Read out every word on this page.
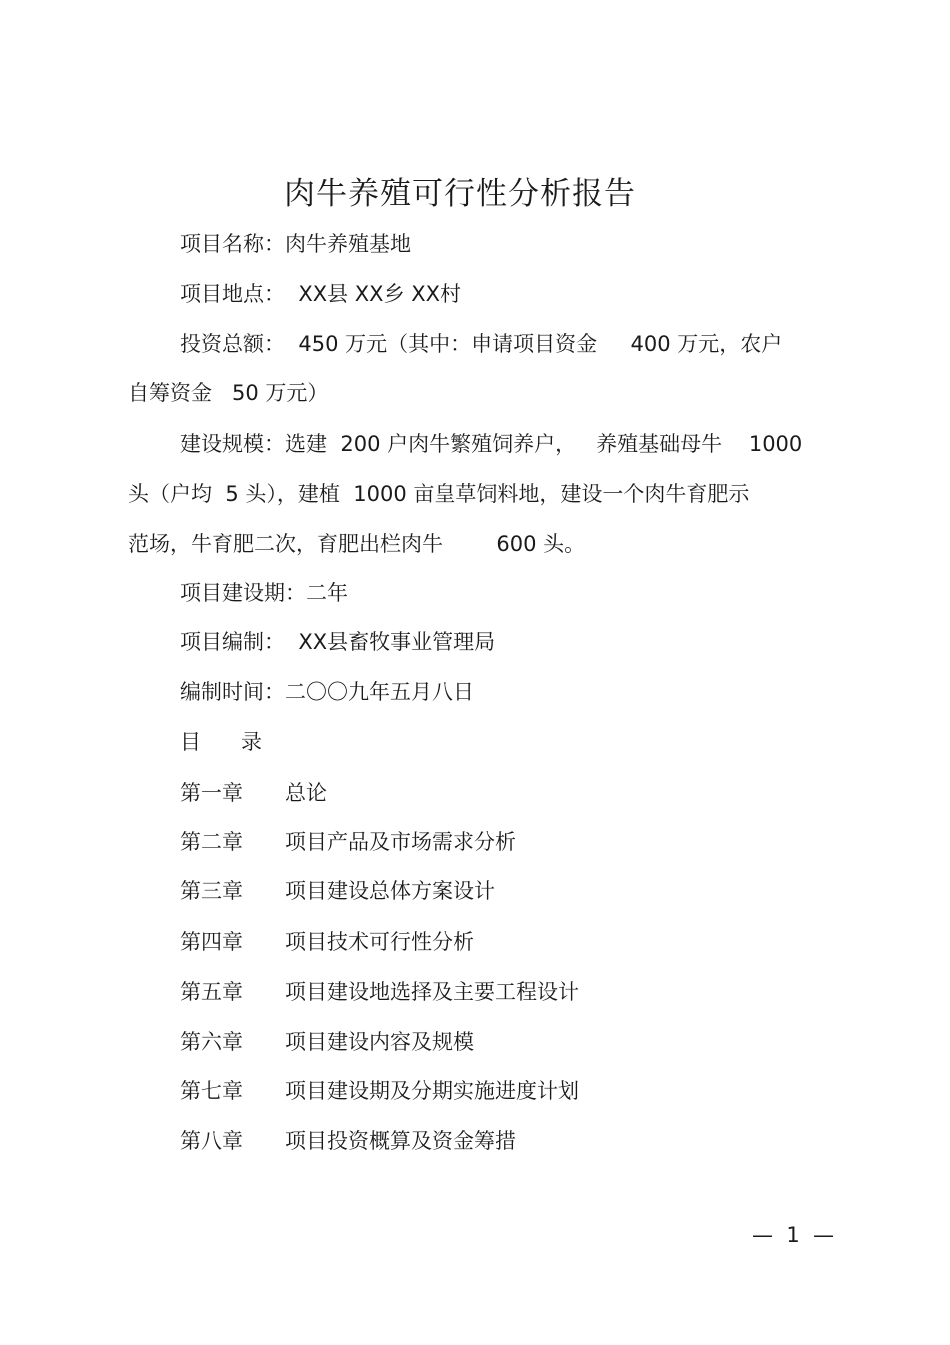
肉牛养殖可行性分析报告
项目名称：肉牛养殖基地
项目地点：  XX县 XX乡 XX村
投资总额：  450 万元（其中：申请项目资金     400 万元，农户
自筹资金   50 万元）
建设规模：选建  200 户肉牛繁殖饲养户，   养殖基础母牛    1000
头（户均  5 头），建植  1000 亩皇草饲料地，建设一个肉牛育肥示
范场，牛育肥二次，育肥出栏肉牛        600 头。
项目建设期：二年
项目编制：  XX县畜牧事业管理局
编制时间：二〇〇九年五月八日
目      录
第一章 总论
第二章 项目产品及市场需求分析
第三章 项目建设总体方案设计
第四章 项目技术可行性分析
第五章 项目建设地选择及主要工程设计
第六章 项目建设内容及规模
第七章 项目建设期及分期实施进度计划
第八章 项目投资概算及资金筹措
—  1  —
